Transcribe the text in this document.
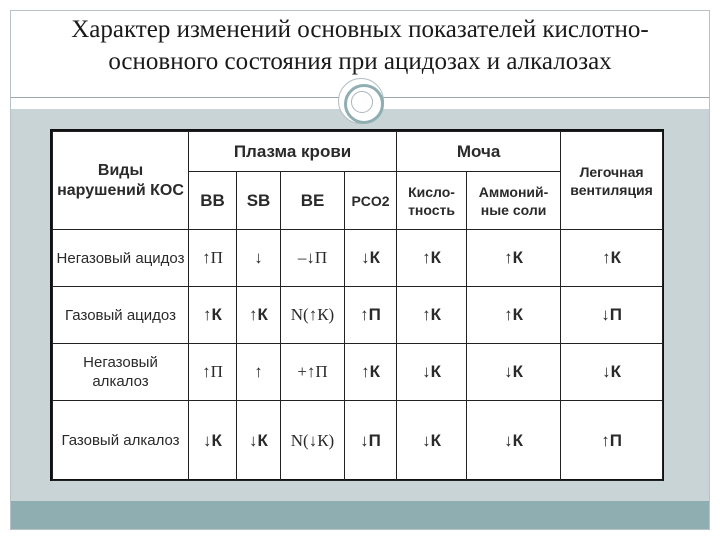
Характер изменений основных показателей кислотно-
основного состояния при ацидозах и алкалозах
Виды нарушений КОС	Плазма крови				Моча		Легочная вентиляция
	BB	SB	BE	PCO2	Кисло-тность	Аммоний-ные соли	
Негазовый ацидоз	↑П	↓	–↓П	↓К	↑К	↑К	↑К
Газовый ацидоз	↑К	↑К	N(↑К)	↑П	↑К	↑К	↓П
Негазовый алкалоз	↑П	↑	+↑П	↑К	↓К	↓К	↓К
Газовый алкалоз	↓К	↓К	N(↓К)	↓П	↓К	↓К	↑П
